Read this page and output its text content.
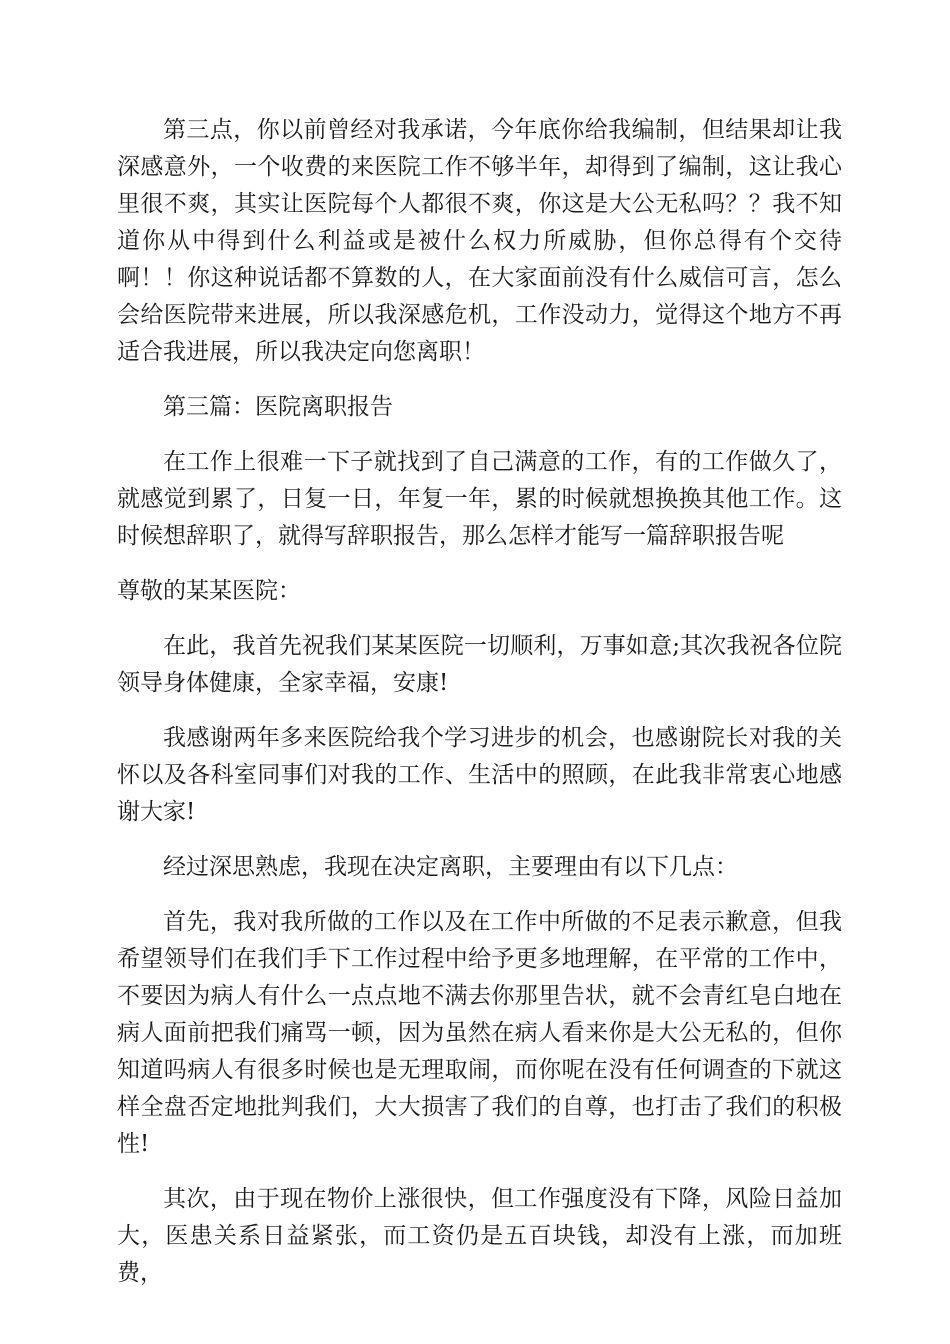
第三点，你以前曾经对我承诺，今年底你给我编制，但结果却让我深感意外，一个收费的来医院工作不够半年，却得到了编制，这让我心里很不爽，其实让医院每个人都很不爽，你这是大公无私吗？？我不知道你从中得到什么利益或是被什么权力所威胁，但你总得有个交待啊！！你这种说话都不算数的人，在大家面前没有什么威信可言，怎么会给医院带来进展，所以我深感危机，工作没动力，觉得这个地方不再适合我进展，所以我决定向您离职！

第三篇：医院离职报告

在工作上很难一下子就找到了自己满意的工作，有的工作做久了，就感觉到累了，日复一日，年复一年，累的时候就想换换其他工作。这时候想辞职了，就得写辞职报告，那么怎样才能写一篇辞职报告呢

尊敬的某某医院：

在此，我首先祝我们某某医院一切顺利，万事如意;其次我祝各位院领导身体健康，全家幸福，安康!

我感谢两年多来医院给我个学习进步的机会，也感谢院长对我的关怀以及各科室同事们对我的工作、生活中的照顾，在此我非常衷心地感谢大家!

经过深思熟虑，我现在决定离职，主要理由有以下几点：

首先，我对我所做的工作以及在工作中所做的不足表示歉意，但我希望领导们在我们手下工作过程中给予更多地理解，在平常的工作中，不要因为病人有什么一点点地不满去你那里告状，就不会青红皂白地在病人面前把我们痛骂一顿，因为虽然在病人看来你是大公无私的，但你知道吗病人有很多时候也是无理取闹，而你呢在没有任何调查的下就这样全盘否定地批判我们，大大损害了我们的自尊，也打击了我们的积极性!

其次，由于现在物价上涨很快，但工作强度没有下降，风险日益加大，医患关系日益紧张，而工资仍是五百块钱，却没有上涨，而加班费，
